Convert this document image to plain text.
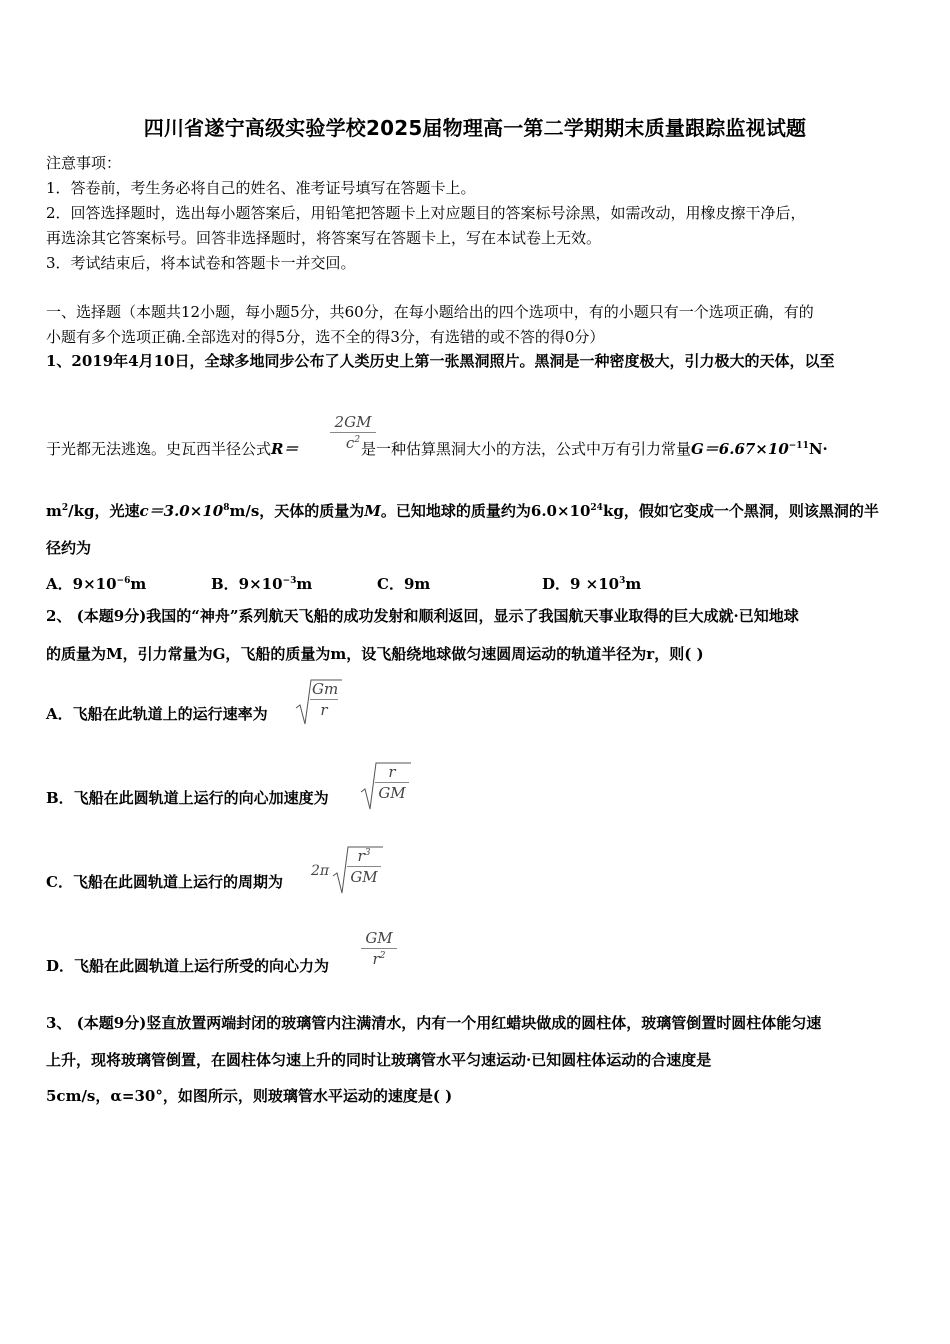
四川省遂宁高级实验学校2025届物理高一第二学期期末质量跟踪监视试题
注意事项：
1．答卷前，考生务必将自己的姓名、准考证号填写在答题卡上。
2．回答选择题时，选出每小题答案后，用铅笔把答题卡上对应题目的答案标号涂黑，如需改动，用橡皮擦干净后，
再选涂其它答案标号。回答非选择题时，将答案写在答题卡上，写在本试卷上无效。
3．考试结束后，将本试卷和答题卡一并交回。
一、选择题（本题共12小题，每小题5分，共60分，在每小题给出的四个选项中，有的小题只有一个选项正确，有的
小题有多个选项正确.全部选对的得5分，选不全的得3分，有选错的或不答的得0分）
1、2019年4月10日，全球多地同步公布了人类历史上第一张黑洞照片。黑洞是一种密度极大，引力极大的天体，以至
于光都无法逃逸。史瓦西半径公式R＝	是一种估算黑洞大小的方法，公式中万有引力常量$G=6.67\times 10^{-11}N\cdot$
2GM
$c^2$
$m^2/kg$，光速$c=3.0\times 10^8m/s$，天体的质量为M。已知地球的质量约为$6.0\times 10^{24}kg$，假如它变成一个黑洞，则该黑洞的半
径约为
A．$9\times 10^{-6}m$	B．$9\times 10^{-3}m$	C．9m	D．$9 \times 10^3m$
2、 (本题9分)我国的“神舟”系列航天飞船的成功发射和顺利返回，显示了我国航天事业取得的巨大成就·已知地球
的质量为M，引力常量为G，飞船的质量为m，设飞船绕地球做匀速圆周运动的轨道半径为r，则( )
A．飞船在此轨道上的运行速率为
Gm
r
B．飞船在此圆轨道上运行的向心加速度为
r
GM
C．飞船在此圆轨道上运行的周期为
2π
$r^3$
GM
D．飞船在此圆轨道上运行所受的向心力为
GM
$r^2$
3、 (本题9分)竖直放置两端封闭的玻璃管内注满清水，内有一个用红蜡块做成的圆柱体，玻璃管倒置时圆柱体能匀速
上升，现将玻璃管倒置，在圆柱体匀速上升的同时让玻璃管水平匀速运动·已知圆柱体运动的合速度是
5cm/s，α=30°，如图所示，则玻璃管水平运动的速度是( )
